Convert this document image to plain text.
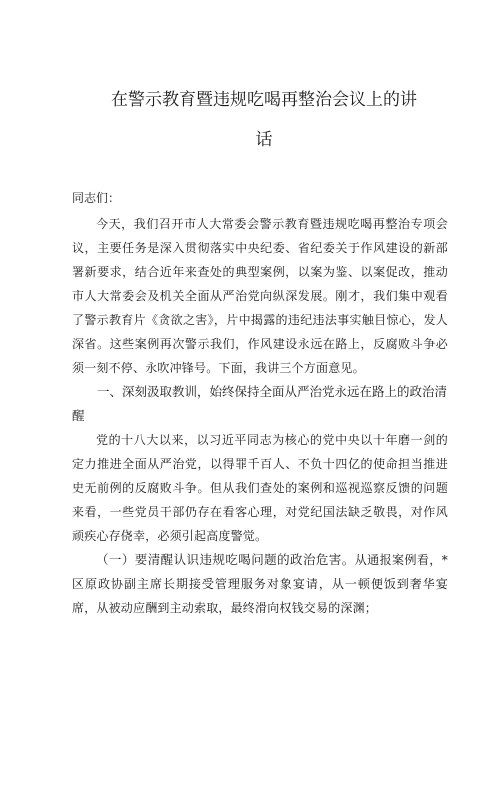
在警示教育暨违规吃喝再整治会议上的讲
话
同志们：

今天，我们召开市人大常委会警示教育暨违规吃喝再整治专项会议，主要任务是深入贯彻落实中央纪委、省纪委关于作风建设的新部署新要求，结合近年来查处的典型案例，以案为鉴、以案促改，推动市人大常委会及机关全面从严治党向纵深发展。刚才，我们集中观看了警示教育片《贪欲之害》，片中揭露的违纪违法事实触目惊心，发人深省。这些案例再次警示我们，作风建设永远在路上，反腐败斗争必须一刻不停、永吹冲锋号。下面，我讲三个方面意见。

一、深刻汲取教训，始终保持全面从严治党永远在路上的政治清醒

党的十八大以来，以习近平同志为核心的党中央以十年磨一剑的定力推进全面从严治党，以得罪千百人、不负十四亿的使命担当推进史无前例的反腐败斗争。但从我们查处的案例和巡视巡察反馈的问题来看，一些党员干部仍存在看客心理，对党纪国法缺乏敬畏，对作风顽疾心存侥幸，必须引起高度警觉。

（一）要清醒认识违规吃喝问题的政治危害。从通报案例看，*区原政协副主席长期接受管理服务对象宴请，从一顿便饭到奢华宴席，从被动应酬到主动索取，最终滑向权钱交易的深渊；
